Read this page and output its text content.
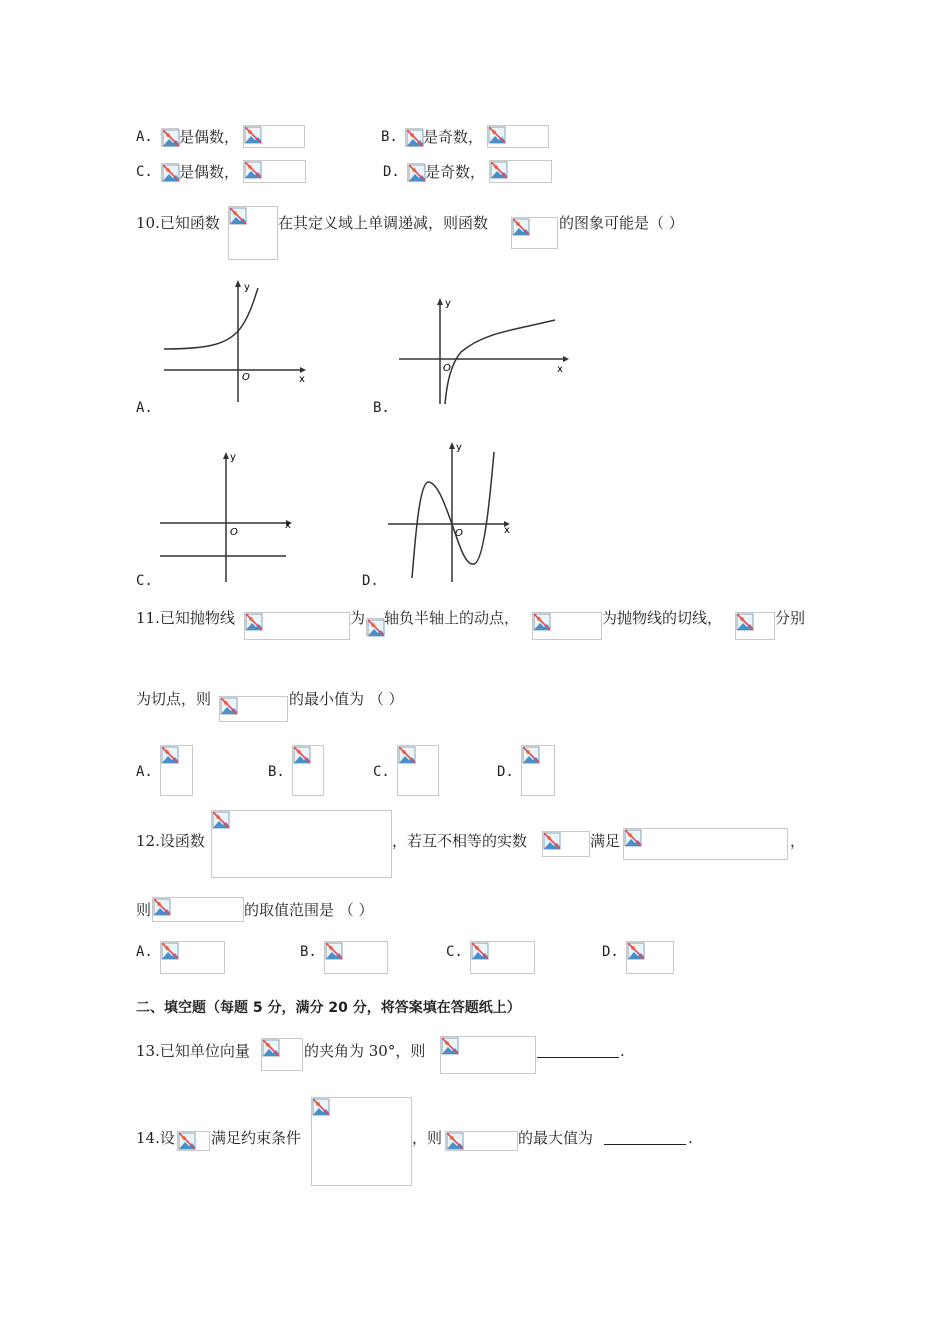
A. 是偶数，	B. 是奇数，
C. 是偶数，	D. 是奇数，
10.已知函数	在其定义域上单调递减，则函数	的图象可能是（ ）
y
x
O
A.
y
x
O
B.
y
x
O
C.
y
x
O
D.
11.已知抛物线	为 轴负半轴上的动点，	为抛物线的切线，	分别
为切点，则	的最小值为 （ ）
A.	B.	C.	D.
12.设函数	，若互不相等的实数	满足	，
则	的取值范围是 （ ）
A.	B.	C.	D.
二、填空题（每题 5 分，满分 20 分，将答案填在答题纸上）
13.已知单位向量	的夹角为 30°，则	.
14.设 满足约束条件	，则	的最大值为	.
